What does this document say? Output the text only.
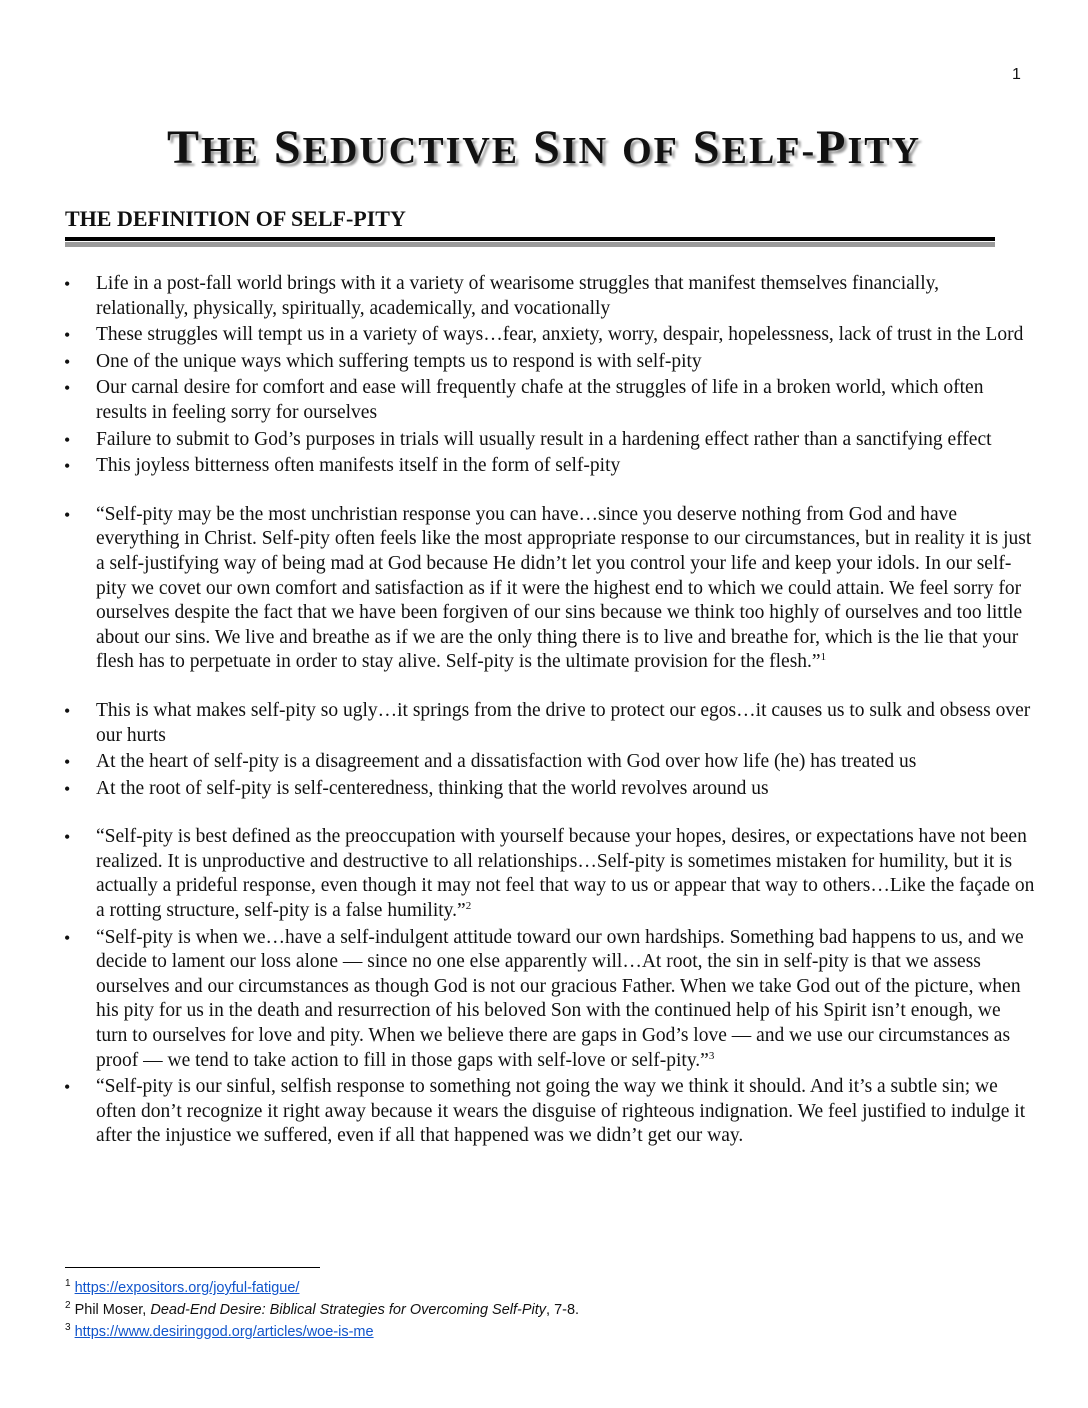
1
THE SEDUCTIVE SIN OF SELF-PITY
THE DEFINITION OF SELF-PITY
• Life in a post-fall world brings with it a variety of wearisome struggles that manifest themselves financially, relationally, physically, spiritually, academically, and vocationally
• These struggles will tempt us in a variety of ways…fear, anxiety, worry, despair, hopelessness, lack of trust in the Lord
• One of the unique ways which suffering tempts us to respond is with self-pity
• Our carnal desire for comfort and ease will frequently chafe at the struggles of life in a broken world, which often results in feeling sorry for ourselves
• Failure to submit to God’s purposes in trials will usually result in a hardening effect rather than a sanctifying effect
• This joyless bitterness often manifests itself in the form of self-pity
• “Self-pity may be the most unchristian response you can have…since you deserve nothing from God and have everything in Christ. Self-pity often feels like the most appropriate response to our circumstances, but in reality it is just a self-justifying way of being mad at God because He didn’t let you control your life and keep your idols. In our self-pity we covet our own comfort and satisfaction as if it were the highest end to which we could attain. We feel sorry for ourselves despite the fact that we have been forgiven of our sins because we think too highly of ourselves and too little about our sins. We live and breathe as if we are the only thing there is to live and breathe for, which is the lie that your flesh has to perpetuate in order to stay alive. Self-pity is the ultimate provision for the flesh.”$^1$
• This is what makes self-pity so ugly…it springs from the drive to protect our egos…it causes us to sulk and obsess over our hurts
• At the heart of self-pity is a disagreement and a dissatisfaction with God over how life (he) has treated us
• At the root of self-pity is self-centeredness, thinking that the world revolves around us
• “Self-pity is best defined as the preoccupation with yourself because your hopes, desires, or expectations have not been realized. It is unproductive and destructive to all relationships…Self-pity is sometimes mistaken for humility, but it is actually a prideful response, even though it may not feel that way to us or appear that way to others…Like the façade on a rotting structure, self-pity is a false humility.”$^2$
• “Self-pity is when we…have a self-indulgent attitude toward our own hardships. Something bad happens to us, and we decide to lament our loss alone — since no one else apparently will…At root, the sin in self-pity is that we assess ourselves and our circumstances as though God is not our gracious Father. When we take God out of the picture, when his pity for us in the death and resurrection of his beloved Son with the continued help of his Spirit isn’t enough, we turn to ourselves for love and pity. When we believe there are gaps in God’s love — and we use our circumstances as proof — we tend to take action to fill in those gaps with self-love or self-pity.”$^3$
• “Self-pity is our sinful, selfish response to something not going the way we think it should. And it’s a subtle sin; we often don’t recognize it right away because it wears the disguise of righteous indignation. We feel justified to indulge it after the injustice we suffered, even if all that happened was we didn’t get our way.
$^1$ https://expositors.org/joyful-fatigue/
$^2$ Phil Moser, Dead-End Desire: Biblical Strategies for Overcoming Self-Pity, 7-8.
$^3$ https://www.desiringgod.org/articles/woe-is-me
